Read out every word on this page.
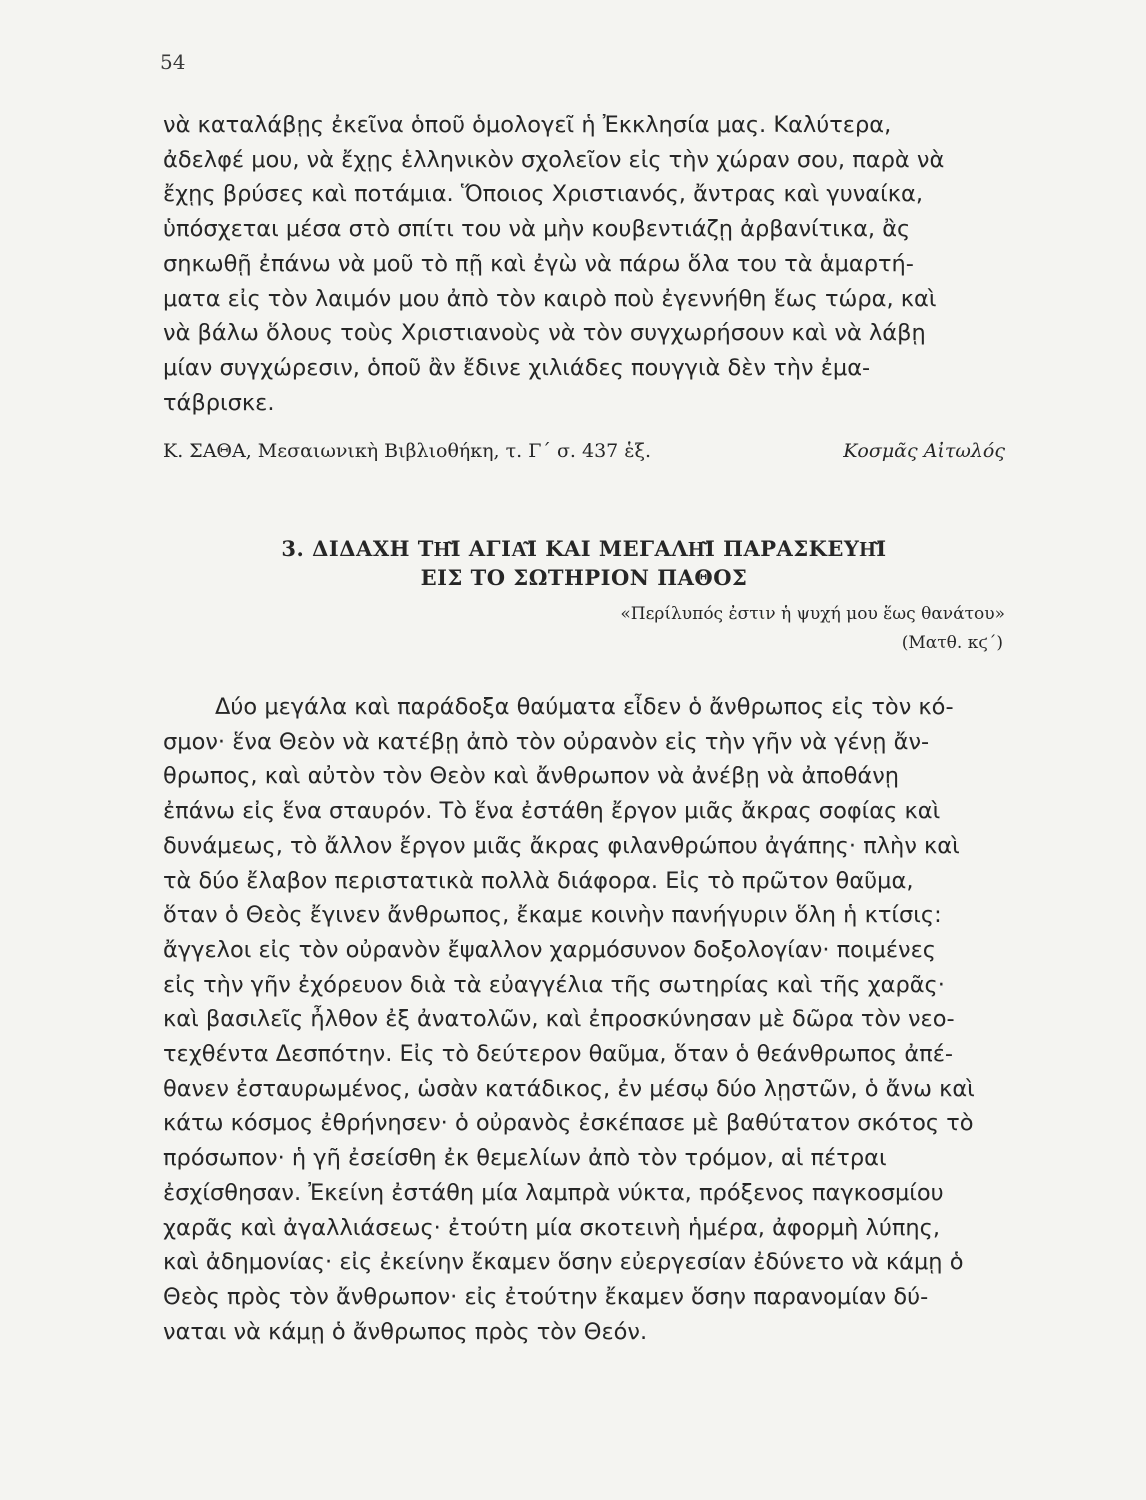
54
νὰ καταλάβῃς ἐκεῖνα ὁποῦ ὁμολογεῖ ἡ Ἐκκλησία μας. Καλύτερα,
ἀδελφέ μου, νὰ ἔχῃς ἑλληνικὸν σχολεῖον εἰς τὴν χώραν σου, παρὰ νὰ
ἔχῃς βρύσες καὶ ποτάμια. Ὅποιος Χριστιανός, ἄντρας καὶ γυναίκα,
ὑπόσχεται μέσα στὸ σπίτι του νὰ μὴν κουβεντιάζῃ ἀρβανίτικα, ἂς
σηκωθῇ ἐπάνω νὰ μοῦ τὸ πῇ καὶ ἐγὼ νὰ πάρω ὅλα του τὰ ἁμαρτή-
ματα εἰς τὸν λαιμόν μου ἀπὸ τὸν καιρὸ ποὺ ἐγεννήθη ἕως τώρα, καὶ
νὰ βάλω ὅλους τοὺς Χριστιανοὺς νὰ τὸν συγχωρήσουν καὶ νὰ λάβῃ
μίαν συγχώρεσιν, ὁποῦ ἂν ἔδινε χιλιάδες πουγγιὰ δὲν τὴν ἐμα-
τάβρισκε.
Κ. ΣΑΘΑ, Μεσαιωνικὴ Βιβλιοθήκη, τ. Γ΄ σ. 437 ἑξ.	Κοσμᾶς Αἰτωλός
3. ΔΙΔΑΧΗ ΤΗ͂Ι ΑΓΙΑ͂Ι ΚΑΙ ΜΕΓΑΛΗ͂Ι ΠΑΡΑΣΚΕΥΗ͂Ι
ΕΙΣ ΤΟ ΣΩΤΗΡΙΟΝ ΠΑΘΟΣ
«Περίλυπός ἐστιν ἡ ψυχή μου ἕως θανάτου»
(Ματθ. κϛ΄)
Δύο μεγάλα καὶ παράδοξα θαύματα εἶδεν ὁ ἄνθρωπος εἰς τὸν κό-
σμον· ἕνα Θεὸν νὰ κατέβῃ ἀπὸ τὸν οὐρανὸν εἰς τὴν γῆν νὰ γένῃ ἄν-
θρωπος, καὶ αὐτὸν τὸν Θεὸν καὶ ἄνθρωπον νὰ ἀνέβῃ νὰ ἀποθάνῃ
ἐπάνω εἰς ἕνα σταυρόν. Τὸ ἕνα ἐστάθη ἔργον μιᾶς ἄκρας σοφίας καὶ
δυνάμεως, τὸ ἄλλον ἔργον μιᾶς ἄκρας φιλανθρώπου ἀγάπης· πλὴν καὶ
τὰ δύο ἔλαβον περιστατικὰ πολλὰ διάφορα. Εἰς τὸ πρῶτον θαῦμα,
ὅταν ὁ Θεὸς ἔγινεν ἄνθρωπος, ἔκαμε κοινὴν πανήγυριν ὅλη ἡ κτίσις:
ἄγγελοι εἰς τὸν οὐρανὸν ἔψαλλον χαρμόσυνον δοξολογίαν· ποιμένες
εἰς τὴν γῆν ἐχόρευον διὰ τὰ εὐαγγέλια τῆς σωτηρίας καὶ τῆς χαρᾶς·
καὶ βασιλεῖς ἦλθον ἐξ ἀνατολῶν, καὶ ἐπροσκύνησαν μὲ δῶρα τὸν νεο-
τεχθέντα Δεσπότην. Εἰς τὸ δεύτερον θαῦμα, ὅταν ὁ θεάνθρωπος ἀπέ-
θανεν ἐσταυρωμένος, ὡσὰν κατάδικος, ἐν μέσῳ δύο λῃστῶν, ὁ ἄνω καὶ
κάτω κόσμος ἐθρήνησεν· ὁ οὐρανὸς ἐσκέπασε μὲ βαθύτατον σκότος τὸ
πρόσωπον· ἡ γῆ ἐσείσθη ἐκ θεμελίων ἀπὸ τὸν τρόμον, αἱ πέτραι
ἐσχίσθησαν. Ἐκείνη ἐστάθη μία λαμπρὰ νύκτα, πρόξενος παγκοσμίου
χαρᾶς καὶ ἀγαλλιάσεως· ἐτούτη μία σκοτεινὴ ἡμέρα, ἀφορμὴ λύπης,
καὶ ἀδημονίας· εἰς ἐκείνην ἔκαμεν ὅσην εὐεργεσίαν ἐδύνετο νὰ κάμῃ ὁ
Θεὸς πρὸς τὸν ἄνθρωπον· εἰς ἐτούτην ἔκαμεν ὅσην παρανομίαν δύ-
ναται νὰ κάμῃ ὁ ἄνθρωπος πρὸς τὸν Θεόν.
